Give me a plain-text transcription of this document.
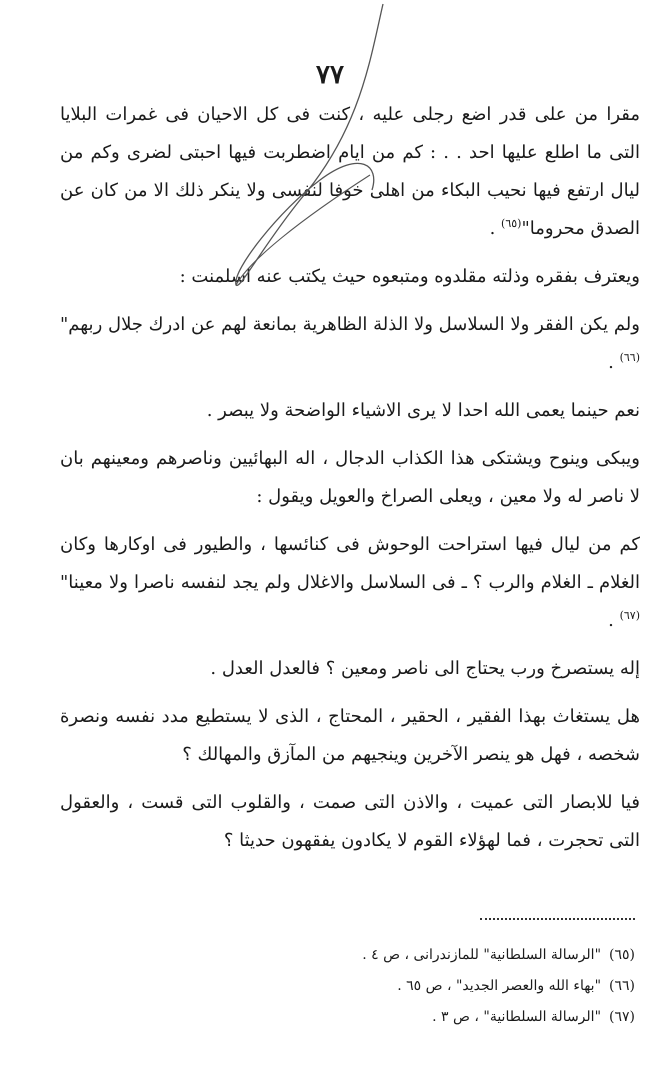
٧٧

مقرا من على قدر اضع رجلى عليه ، كنت فى كل الاحيان فى غمرات البلايا التى ما اطلع عليها احد . . : كم من ايام اضطربت فيها احبتى لضرى وكم من ليال ارتفع فيها نحيب البكاء من اهلى خوفا لنفسى ولا ينكر ذلك الا من كان عن الصدق محروما"$^{(٦٥)}$ .

ويعترف بفقره وذلته مقلدوه ومتبعوه حيث يكتب عنه اسلمنت :

ولم يكن الفقر ولا السلاسل ولا الذلة الظاهرية بمانعة لهم عن ادرك جلال ربهم"$^{(٦٦)}$ .

نعم حينما يعمى الله احدا لا يرى الاشياء الواضحة ولا يبصر .

ويبكى وينوح ويشتكى هذا الكذاب الدجال ، اله البهائيين وناصرهم ومعينهم بان لا ناصر له ولا معين ، ويعلى الصراخ والعويل ويقول :

كم من ليال فيها استراحت الوحوش فى كنائسها ، والطيور فى اوكارها وكان الغلام ـ الغلام والرب ؟ ـ فى السلاسل والاغلال ولم يجد لنفسه ناصرا ولا معينا"$^{(٦٧)}$ .

إله يستصرخ ورب يحتاج الى ناصر ومعين ؟ فالعدل العدل .

هل يستغاث بهذا الفقير ، الحقير ، المحتاج ، الذى لا يستطيع مدد نفسه ونصرة شخصه ، فهل هو ينصر الآخرين وينجيهم من المآزق والمهالك ؟

فيا للابصار التى عميت ، والاذن التى صمت ، والقلوب التى قست ، والعقول التى تحجرت ، فما لهؤلاء القوم لا يكادون يفقهون حديثا ؟

(٦٥)"الرسالة السلطانية" للمازندرانى ، ص ٤ .
(٦٦)"بهاء الله والعصر الجديد" ، ص ٦٥ .
(٦٧)"الرسالة السلطانية" ، ص ٣ .
